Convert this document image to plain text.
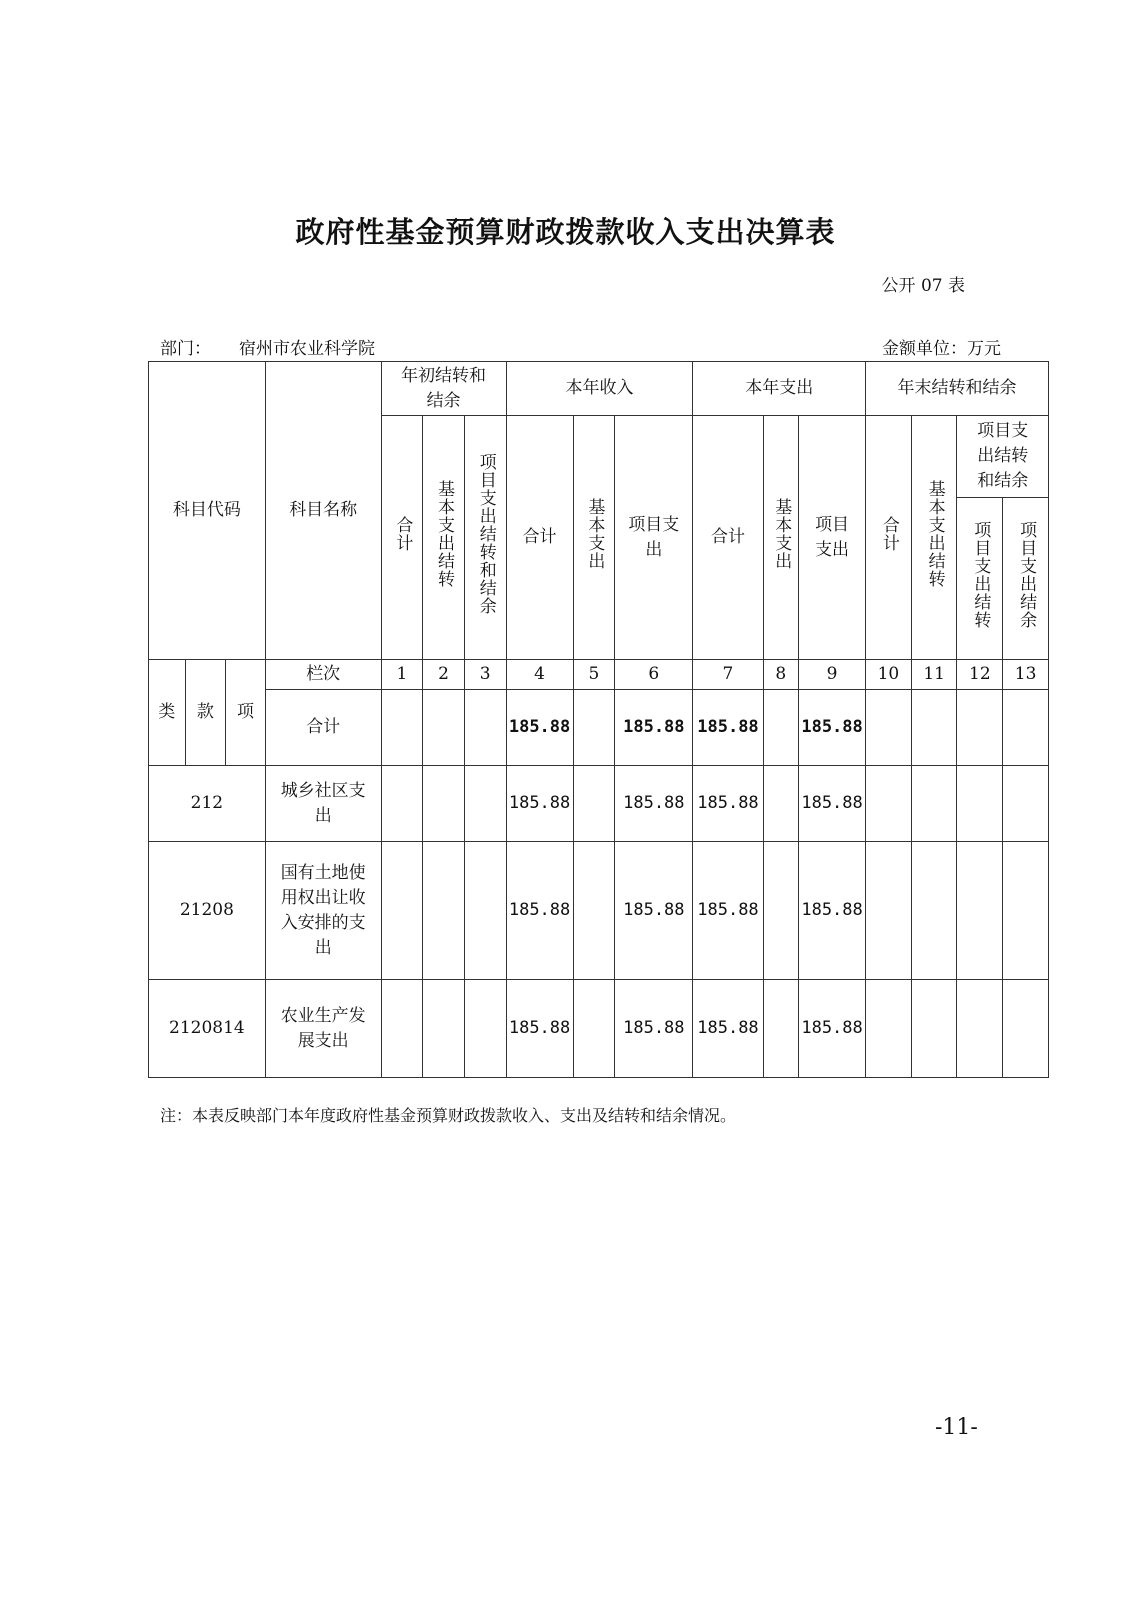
政府性基金预算财政拨款收入支出决算表
公开 07 表
部门： 宿州市农业科学院	金额单位：万元
科目代码			科目名称	年初结转和结余			本年收入			本年支出			年末结转和结余			
				合计	基本支出结转	项目支出结转和结余	合计	基本支出	项目支出	合计	基本支出	项目支出	合计	基本支出结转	项目支出结转和结余	
															项目支出结转	项目支出结余
类	款	项	栏次	1	2	3	4	5	6	7	8	9	10	11	12	13
			合计				185.88		185.88	185.88		185.88				
212			城乡社区支出				185.88		185.88	185.88		185.88				
21208			国有土地使用权出让收入安排的支出				185.88		185.88	185.88		185.88				
2120814			农业生产发展支出				185.88		185.88	185.88		185.88				
注：本表反映部门本年度政府性基金预算财政拨款收入、支出及结转和结余情况。
-11-
